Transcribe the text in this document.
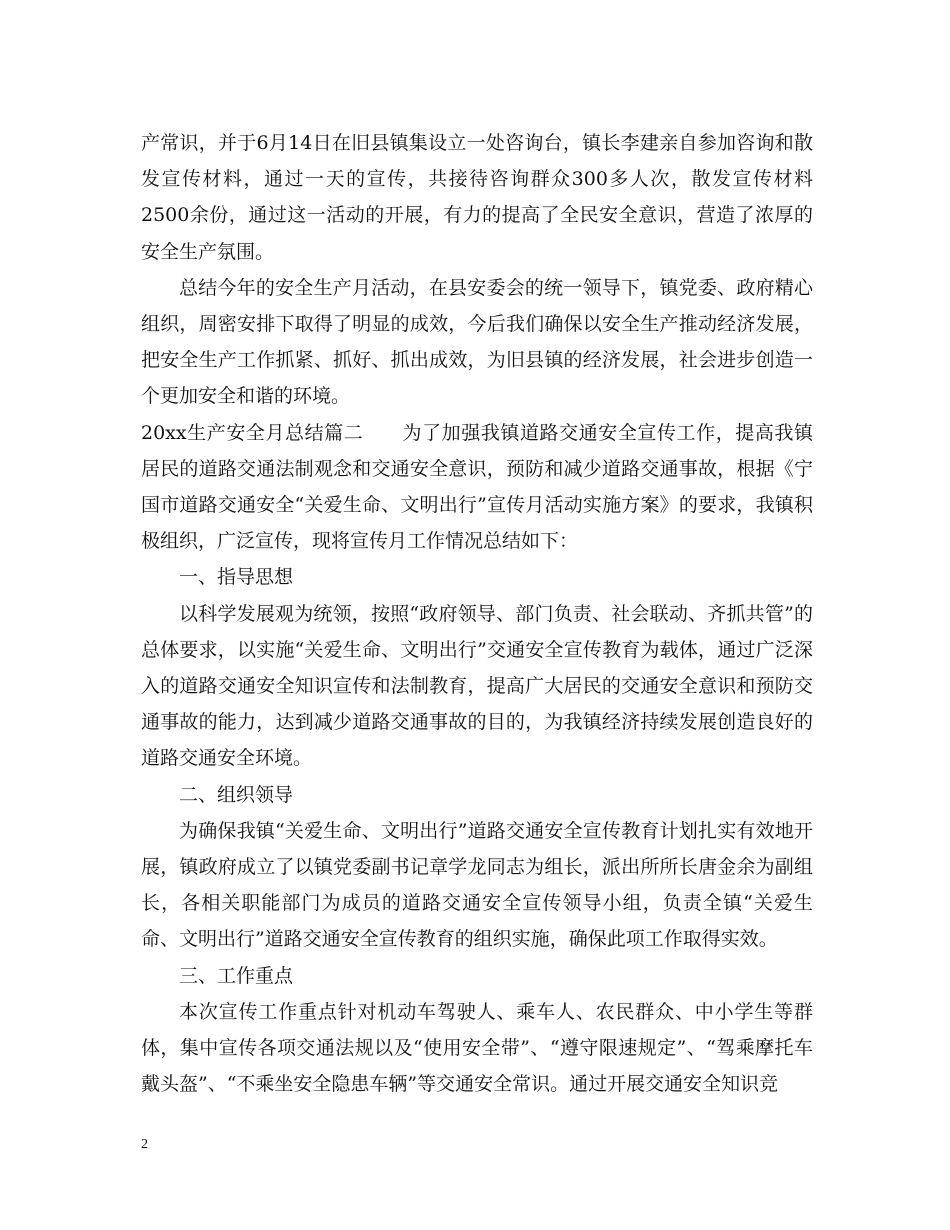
产常识，并于6月14日在旧县镇集设立一处咨询台，镇长李建亲自参加咨询和散发宣传材料，通过一天的宣传，共接待咨询群众300多人次，散发宣传材料2500余份，通过这一活动的开展，有力的提高了全民安全意识，营造了浓厚的安全生产氛围。

总结今年的安全生产月活动，在县安委会的统一领导下，镇党委、政府精心组织，周密安排下取得了明显的成效，今后我们确保以安全生产推动经济发展，把安全生产工作抓紧、抓好、抓出成效，为旧县镇的经济发展，社会进步创造一个更加安全和谐的环境。

20xx生产安全月总结篇二　　为了加强我镇道路交通安全宣传工作，提高我镇居民的道路交通法制观念和交通安全意识，预防和减少道路交通事故，根据《宁国市道路交通安全“关爱生命、文明出行”宣传月活动实施方案》的要求，我镇积极组织，广泛宣传，现将宣传月工作情况总结如下：

一、指导思想

以科学发展观为统领，按照“政府领导、部门负责、社会联动、齐抓共管”的总体要求，以实施“关爱生命、文明出行”交通安全宣传教育为载体，通过广泛深入的道路交通安全知识宣传和法制教育，提高广大居民的交通安全意识和预防交通事故的能力，达到减少道路交通事故的目的，为我镇经济持续发展创造良好的道路交通安全环境。

二、组织领导

为确保我镇“关爱生命、文明出行”道路交通安全宣传教育计划扎实有效地开展，镇政府成立了以镇党委副书记章学龙同志为组长，派出所所长唐金余为副组长，各相关职能部门为成员的道路交通安全宣传领导小组，负责全镇“关爱生命、文明出行”道路交通安全宣传教育的组织实施，确保此项工作取得实效。

三、工作重点

本次宣传工作重点针对机动车驾驶人、乘车人、农民群众、中小学生等群体，集中宣传各项交通法规以及“使用安全带”、“遵守限速规定”、“驾乘摩托车戴头盔”、“不乘坐安全隐患车辆”等交通安全常识。通过开展交通安全知识竞

2
